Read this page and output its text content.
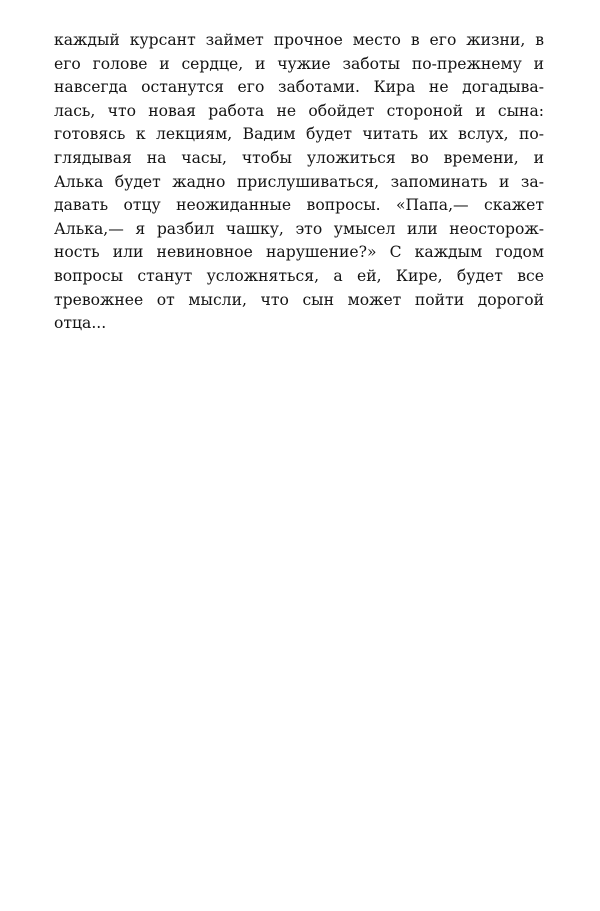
каждый курсант займет прочное место в его жизни, в
его голове и сердце, и чужие заботы по-прежнему и
навсегда останутся его заботами. Кира не догадыва-
лась, что новая работа не обойдет стороной и сына:
готовясь к лекциям, Вадим будет читать их вслух, по-
глядывая на часы, чтобы уложиться во времени, и
Алька будет жадно прислушиваться, запоминать и за-
давать отцу неожиданные вопросы. «Папа,— скажет
Алька,— я разбил чашку, это умысел или неосторож-
ность или невиновное нарушение?» С каждым годом
вопросы станут усложняться, а ей, Кире, будет все
тревожнее от мысли, что сын может пойти дорогой
отца...
